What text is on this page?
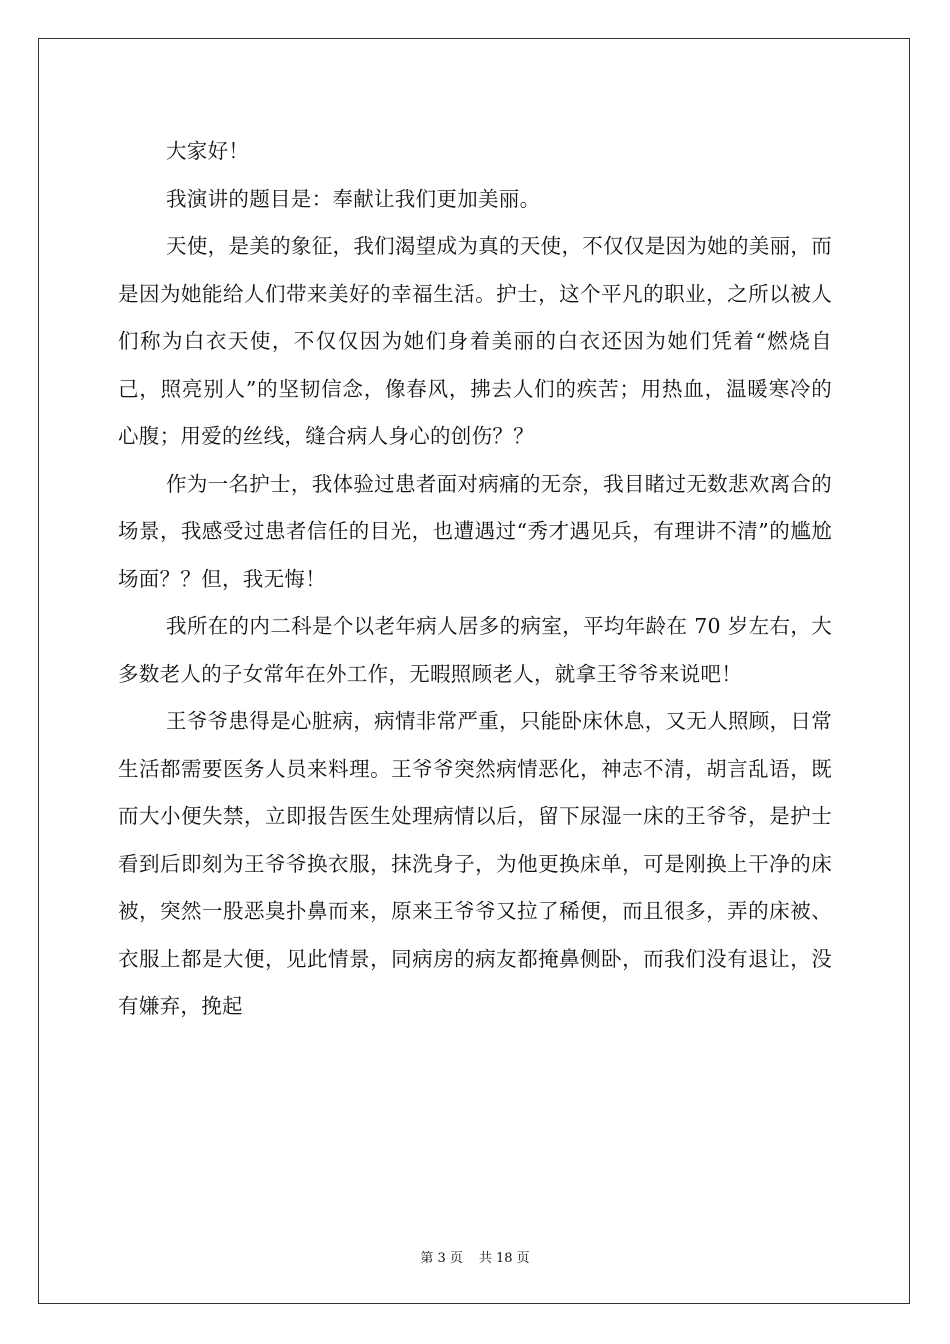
大家好！

我演讲的题目是：奉献让我们更加美丽。

天使，是美的象征，我们渴望成为真的天使，不仅仅是因为她的美丽，而是因为她能给人们带来美好的幸福生活。护士，这个平凡的职业，之所以被人们称为白衣天使，不仅仅因为她们身着美丽的白衣还因为她们凭着“燃烧自己，照亮别人”的坚韧信念，像春风，拂去人们的疾苦；用热血，温暖寒冷的心腹；用爱的丝线，缝合病人身心的创伤？？

作为一名护士，我体验过患者面对病痛的无奈，我目睹过无数悲欢离合的场景，我感受过患者信任的目光，也遭遇过“秀才遇见兵，有理讲不清”的尴尬场面？？但，我无悔！

我所在的内二科是个以老年病人居多的病室，平均年龄在 70 岁左右，大多数老人的子女常年在外工作，无暇照顾老人，就拿王爷爷来说吧！

王爷爷患得是心脏病，病情非常严重，只能卧床休息，又无人照顾，日常生活都需要医务人员来料理。王爷爷突然病情恶化，神志不清，胡言乱语，既而大小便失禁，立即报告医生处理病情以后，留下尿湿一床的王爷爷，是护士看到后即刻为王爷爷换衣服，抹洗身子，为他更换床单，可是刚换上干净的床被，突然一股恶臭扑鼻而来，原来王爷爷又拉了稀便，而且很多，弄的床被、衣服上都是大便，见此情景，同病房的病友都掩鼻侧卧，而我们没有退让，没有嫌弃，挽起

第 3 页 共 18 页
